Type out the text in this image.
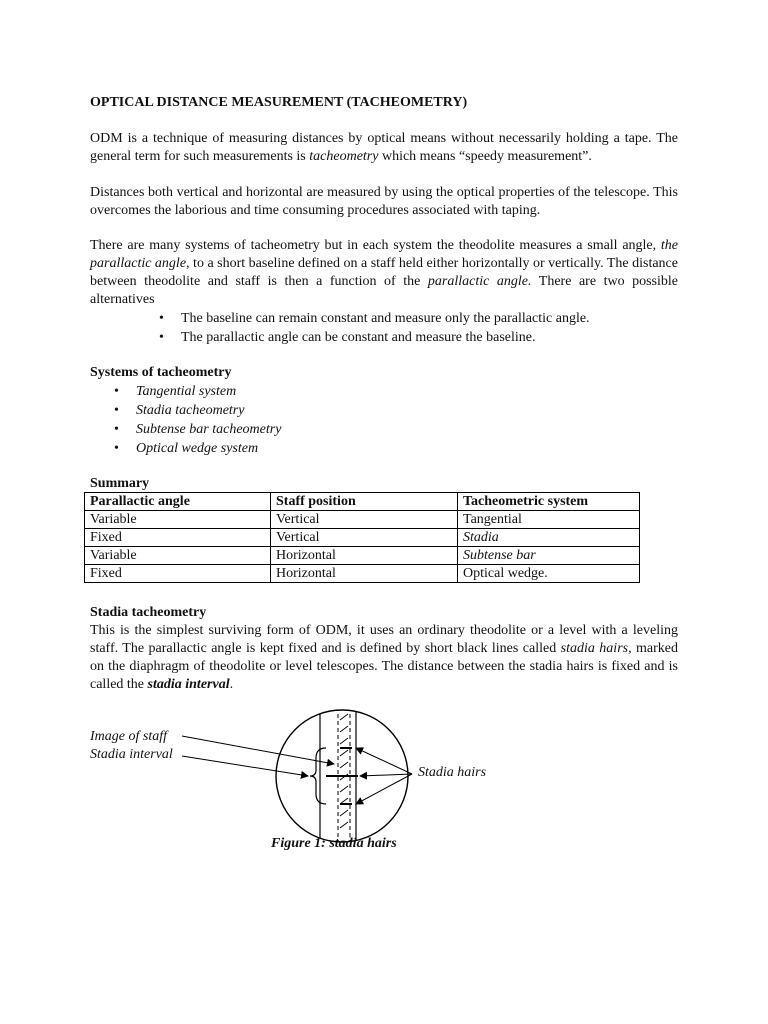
OPTICAL DISTANCE MEASUREMENT (TACHEOMETRY)

ODM is a technique of measuring distances by optical means without necessarily holding a tape. The general term for such measurements is tacheometry which means “speedy measurement”.

Distances both vertical and horizontal are measured by using the optical properties of the telescope. This overcomes the laborious and time consuming procedures associated with taping.

There are many systems of tacheometry but in each system the theodolite measures a small angle, the parallactic angle, to a short baseline defined on a staff held either horizontally or vertically. The distance between theodolite and staff is then a function of the parallactic angle. There are two possible alternatives

• The baseline can remain constant and measure only the parallactic angle.
• The parallactic angle can be constant and measure the baseline.
Systems of tacheometry
• Tangential system
• Stadia tacheometry
• Subtense bar tacheometry
• Optical wedge system
Summary
Parallactic angle	Staff position	Tacheometric system
Variable	Vertical	Tangential
Fixed	Vertical	Stadia
Variable	Horizontal	Subtense bar
Fixed	Horizontal	Optical wedge.
Stadia tacheometry

This is the simplest surviving form of ODM, it uses an ordinary theodolite or a level with a leveling staff. The parallactic angle is kept fixed and is defined by short black lines called stadia hairs, marked on the diaphragm of theodolite or level telescopes. The distance between the stadia hairs is fixed and is called the stadia interval.

Image of staff
Stadia interval
Stadia hairs
Figure 1: stadia hairs
